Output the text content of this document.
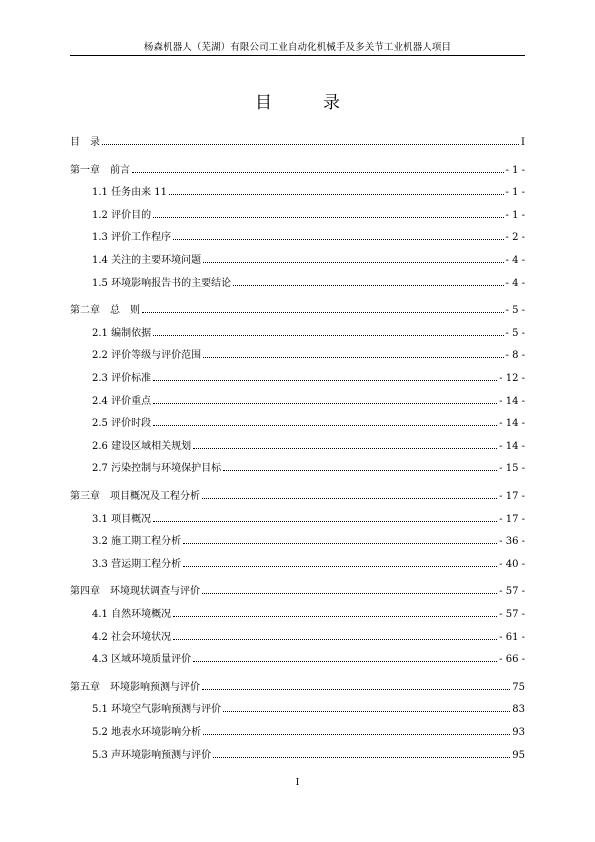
杨森机器人（芜湖）有限公司工业自动化机械手及多关节工业机器人项目
目　录
目　录	I
第一章　前言	- 1 -
1.1 任务由来 11	- 1 -
1.2 评价目的	- 1 -
1.3 评价工作程序	- 2 -
1.4 关注的主要环境问题	- 4 -
1.5 环境影响报告书的主要结论	- 4 -
第二章　总　则	- 5 -
2.1 编制依据	- 5 -
2.2 评价等级与评价范围	- 8 -
2.3 评价标准	- 12 -
2.4 评价重点	- 14 -
2.5 评价时段	- 14 -
2.6 建设区域相关规划	- 14 -
2.7 污染控制与环境保护目标	- 15 -
第三章　项目概况及工程分析	- 17 -
3.1 项目概况	- 17 -
3.2 施工期工程分析	- 36 -
3.3 营运期工程分析	- 40 -
第四章　环境现状调查与评价	- 57 -
4.1 自然环境概况	- 57 -
4.2 社会环境状况	- 61 -
4.3 区域环境质量评价	- 66 -
第五章　环境影响预测与评价	75
5.1 环境空气影响预测与评价	83
5.2 地表水环境影响分析	93
5.3 声环境影响预测与评价	95
I
